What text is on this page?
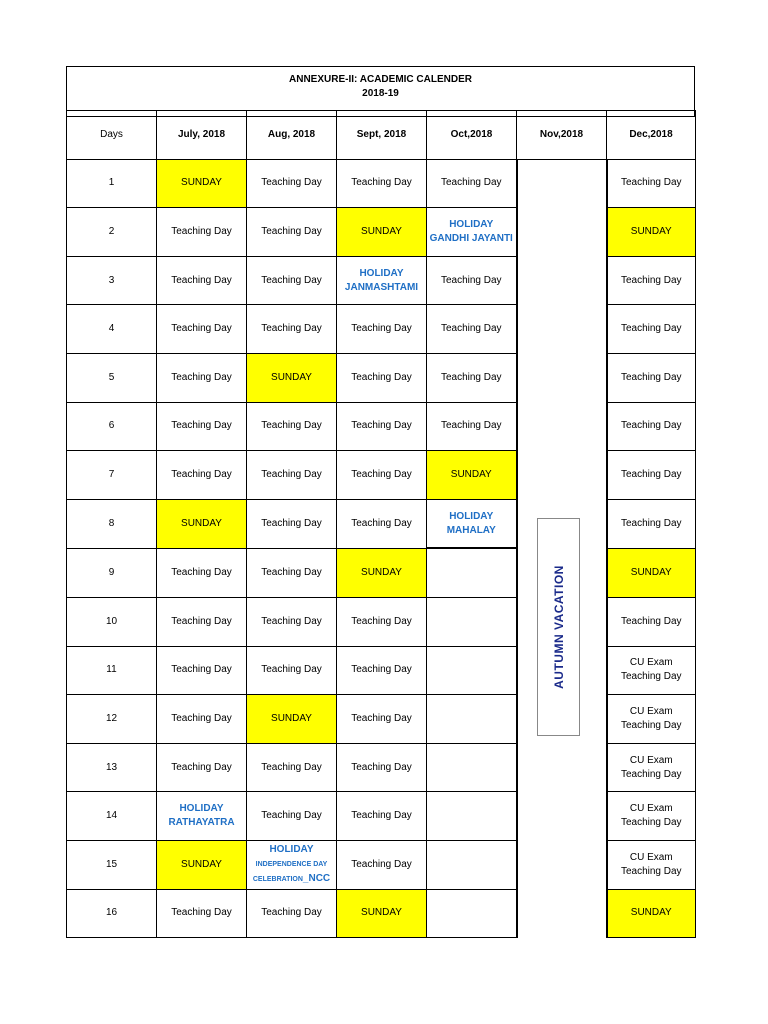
ANNEXURE-II: ACADEMIC CALENDER
2018-19
Days	July, 2018	Aug, 2018	Sept, 2018	Oct,2018	Nov,2018	Dec,2018
1	SUNDAY	Teaching Day	Teaching Day	Teaching Day		Teaching Day
2	Teaching Day	Teaching Day	SUNDAY	HOLIDAY
GANDHI JAYANTI		SUNDAY
3	Teaching Day	Teaching Day	HOLIDAY
JANMASHTAMI	Teaching Day		Teaching Day
4	Teaching Day	Teaching Day	Teaching Day	Teaching Day		Teaching Day
5	Teaching Day	SUNDAY	Teaching Day	Teaching Day		Teaching Day
6	Teaching Day	Teaching Day	Teaching Day	Teaching Day		Teaching Day
7	Teaching Day	Teaching Day	Teaching Day	SUNDAY		Teaching Day
8	SUNDAY	Teaching Day	Teaching Day	HOLIDAY
MAHALAY		Teaching Day
9	Teaching Day	Teaching Day	SUNDAY			SUNDAY
10	Teaching Day	Teaching Day	Teaching Day			Teaching Day
11	Teaching Day	Teaching Day	Teaching Day			CU Exam
Teaching Day
12	Teaching Day	SUNDAY	Teaching Day			CU Exam
Teaching Day
13	Teaching Day	Teaching Day	Teaching Day			CU Exam
Teaching Day
14	HOLIDAY
RATHAYATRA	Teaching Day	Teaching Day			CU Exam
Teaching Day
15	SUNDAY	HOLIDAY
INDEPENDENCE DAY
CELEBRATION_NCC	Teaching Day			CU Exam
Teaching Day
16	Teaching Day	Teaching Day	SUNDAY			SUNDAY
AUTUMN VACATION
